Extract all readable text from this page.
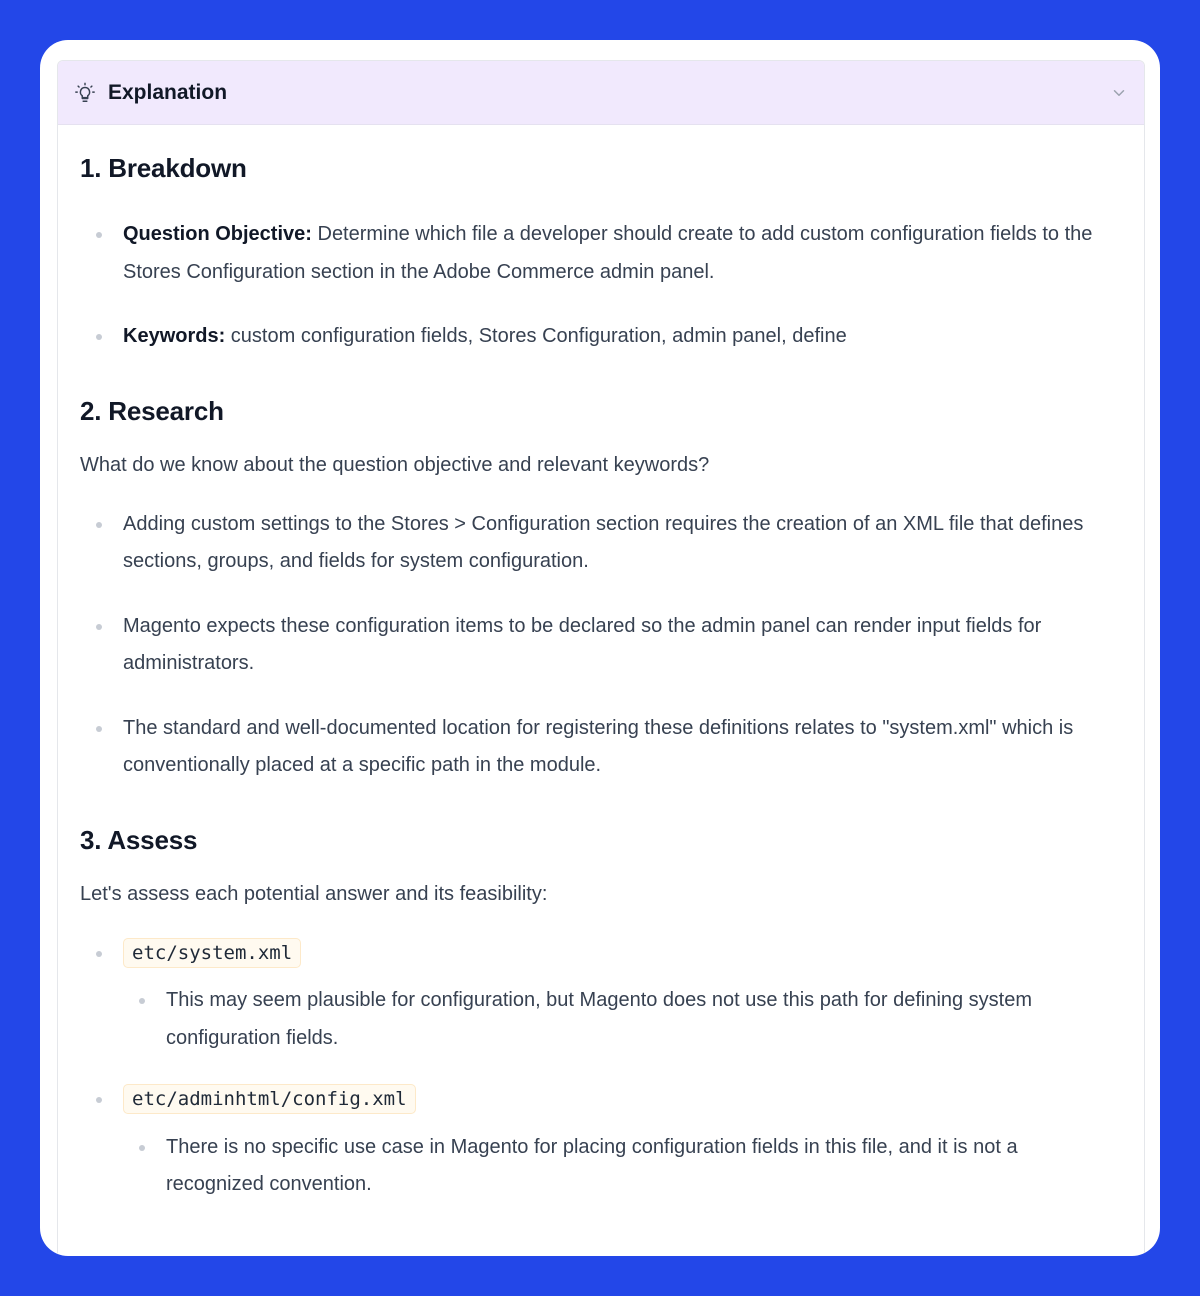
Explanation
1. Breakdown
Question Objective: Determine which file a developer should create to add custom configuration fields to the Stores Configuration section in the Adobe Commerce admin panel.
Keywords: custom configuration fields, Stores Configuration, admin panel, define
2. Research

What do we know about the question objective and relevant keywords?

Adding custom settings to the Stores > Configuration section requires the creation of an XML file that defines sections, groups, and fields for system configuration.
Magento expects these configuration items to be declared so the admin panel can render input fields for administrators.
The standard and well-documented location for registering these definitions relates to "system.xml" which is conventionally placed at a specific path in the module.
3. Assess

Let's assess each potential answer and its feasibility:

etc/system.xml
This may seem plausible for configuration, but Magento does not use this path for defining system configuration fields.
etc/adminhtml/config.xml
There is no specific use case in Magento for placing configuration fields in this file, and it is not a recognized convention.
